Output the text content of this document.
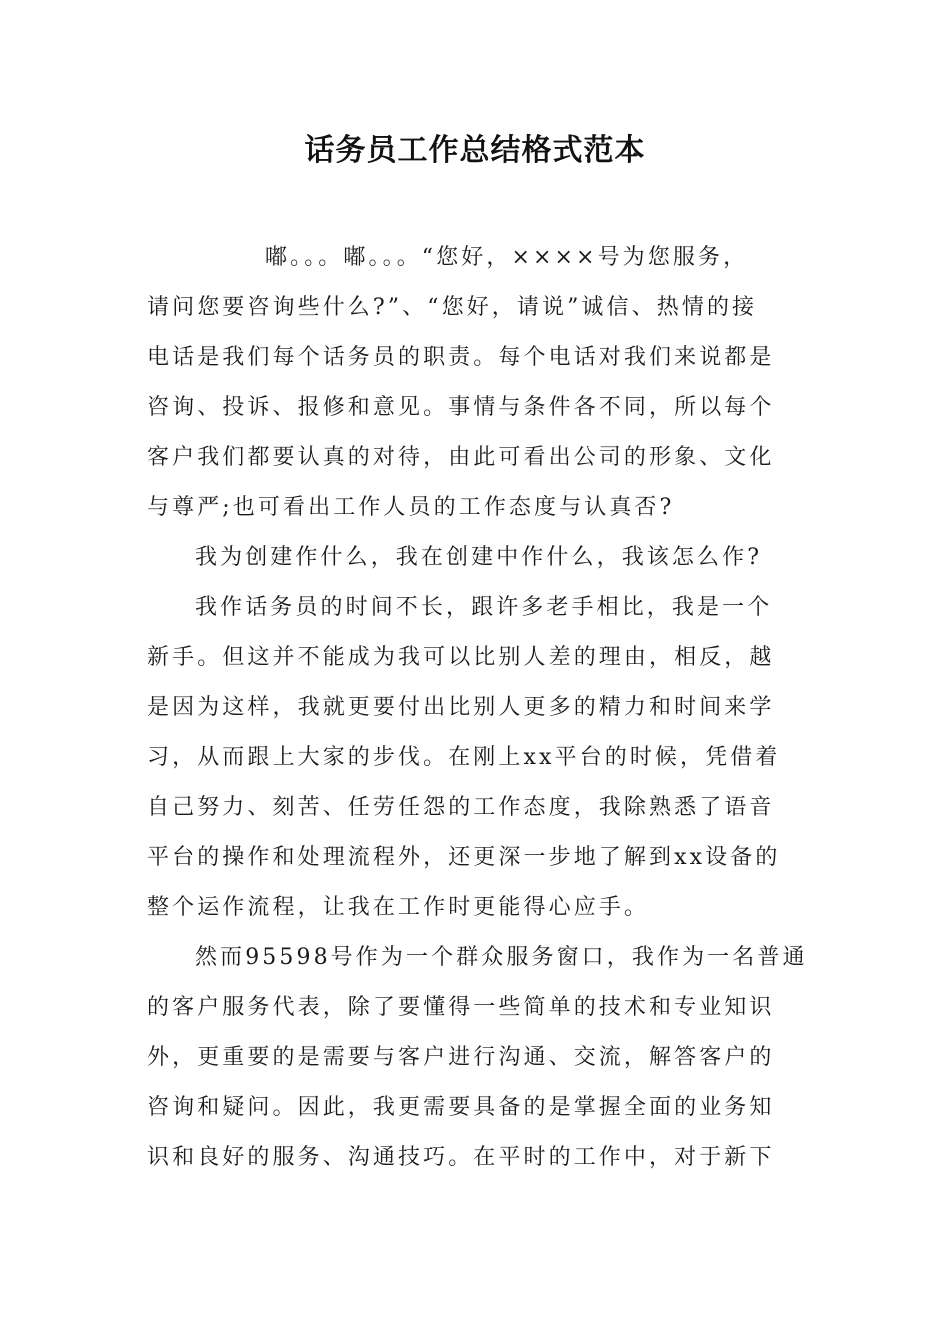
话务员工作总结格式范本
嘟。。。嘟。。。“您好，××××号为您服务，
请问您要咨询些什么?”、“您好，请说”诚信、热情的接
电话是我们每个话务员的职责。每个电话对我们来说都是
咨询、投诉、报修和意见。事情与条件各不同，所以每个
客户我们都要认真的对待，由此可看出公司的形象、文化
与尊严;也可看出工作人员的工作态度与认真否?
我为创建作什么，我在创建中作什么，我该怎么作?
我作话务员的时间不长，跟许多老手相比，我是一个
新手。但这并不能成为我可以比别人差的理由，相反，越
是因为这样，我就更要付出比别人更多的精力和时间来学
习，从而跟上大家的步伐。在刚上xx平台的时候，凭借着
自己努力、刻苦、任劳任怨的工作态度，我除熟悉了语音
平台的操作和处理流程外，还更深一步地了解到xx设备的
整个运作流程，让我在工作时更能得心应手。
然而95598号作为一个群众服务窗口，我作为一名普通
的客户服务代表，除了要懂得一些简单的技术和专业知识
外，更重要的是需要与客户进行沟通、交流，解答客户的
咨询和疑问。因此，我更需要具备的是掌握全面的业务知
识和良好的服务、沟通技巧。在平时的工作中，对于新下
